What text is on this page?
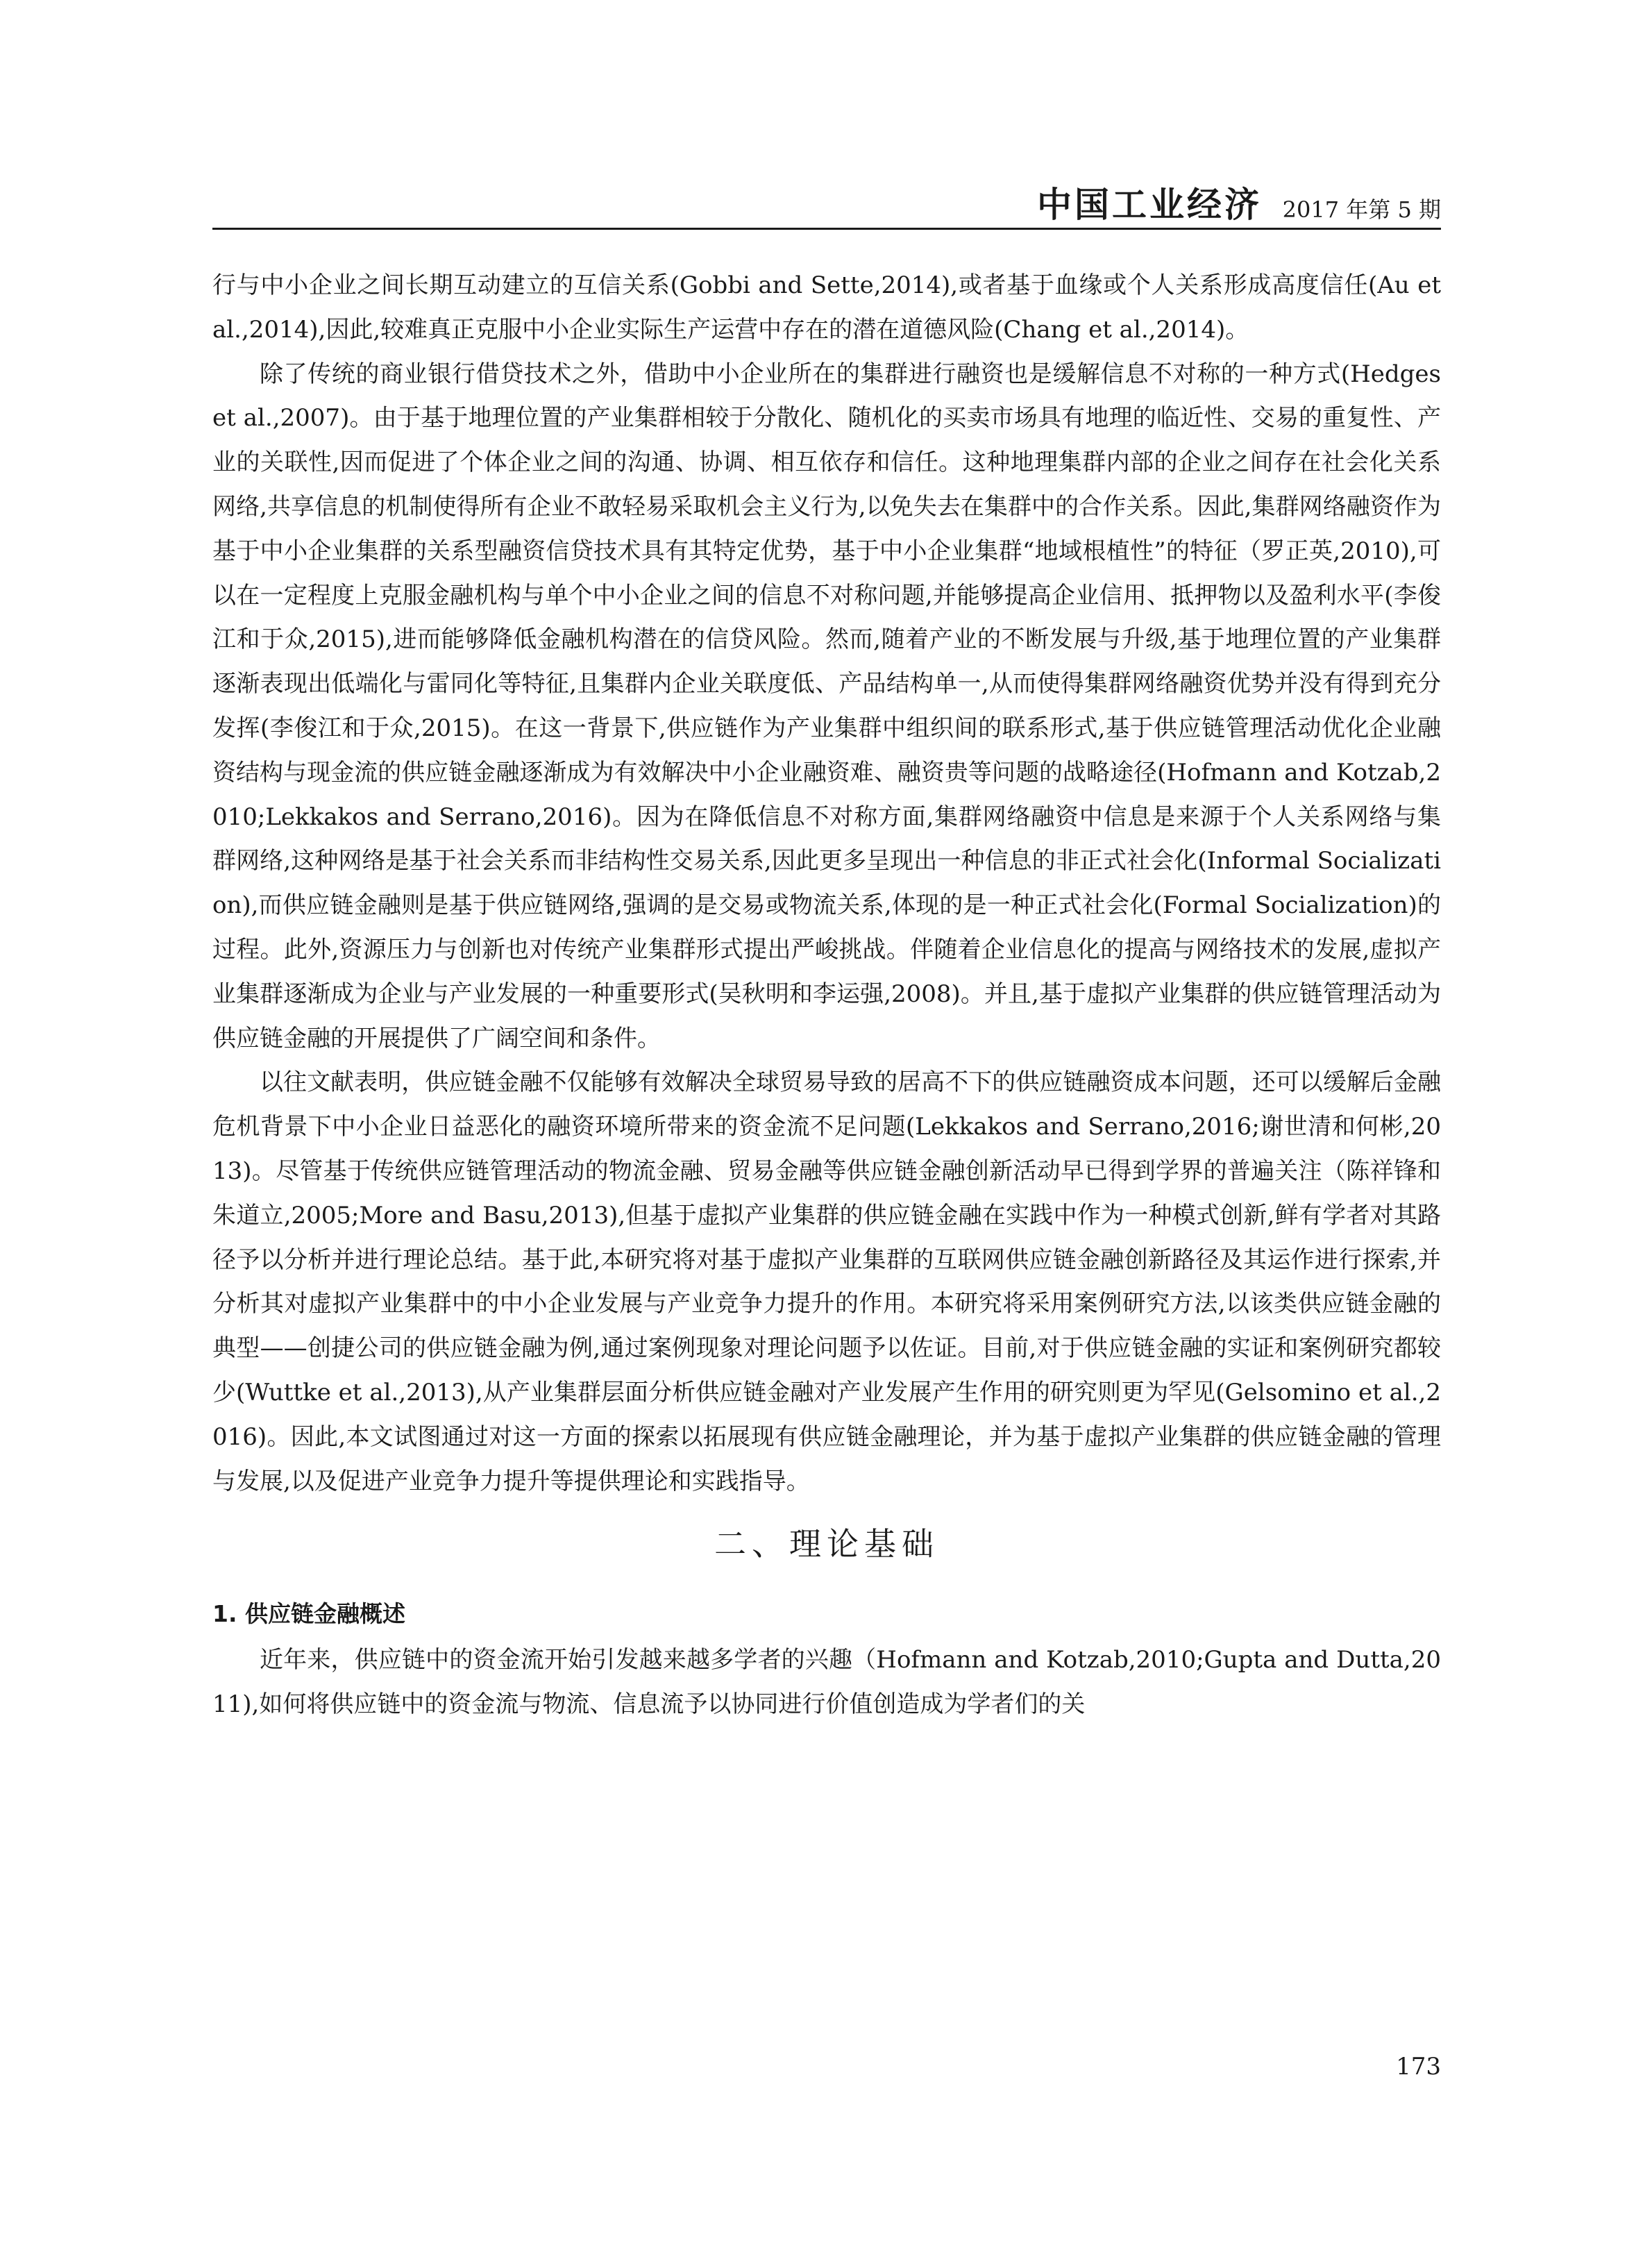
中国工业经济 2017 年第 5 期

行与中小企业之间长期互动建立的互信关系(Gobbi and Sette,2014),或者基于血缘或个人关系形成高度信任(Au et al.,2014),因此,较难真正克服中小企业实际生产运营中存在的潜在道德风险(Chang et al.,2014)。

除了传统的商业银行借贷技术之外，借助中小企业所在的集群进行融资也是缓解信息不对称的一种方式(Hedges et al.,2007)。由于基于地理位置的产业集群相较于分散化、随机化的买卖市场具有地理的临近性、交易的重复性、产业的关联性,因而促进了个体企业之间的沟通、协调、相互依存和信任。这种地理集群内部的企业之间存在社会化关系网络,共享信息的机制使得所有企业不敢轻易采取机会主义行为,以免失去在集群中的合作关系。因此,集群网络融资作为基于中小企业集群的关系型融资信贷技术具有其特定优势，基于中小企业集群“地域根植性”的特征（罗正英,2010),可以在一定程度上克服金融机构与单个中小企业之间的信息不对称问题,并能够提高企业信用、抵押物以及盈利水平(李俊江和于众,2015),进而能够降低金融机构潜在的信贷风险。然而,随着产业的不断发展与升级,基于地理位置的产业集群逐渐表现出低端化与雷同化等特征,且集群内企业关联度低、产品结构单一,从而使得集群网络融资优势并没有得到充分发挥(李俊江和于众,2015)。在这一背景下,供应链作为产业集群中组织间的联系形式,基于供应链管理活动优化企业融资结构与现金流的供应链金融逐渐成为有效解决中小企业融资难、融资贵等问题的战略途径(Hofmann and Kotzab,2010;Lekkakos and Serrano,2016)。因为在降低信息不对称方面,集群网络融资中信息是来源于个人关系网络与集群网络,这种网络是基于社会关系而非结构性交易关系,因此更多呈现出一种信息的非正式社会化(Informal Socialization),而供应链金融则是基于供应链网络,强调的是交易或物流关系,体现的是一种正式社会化(Formal Socialization)的过程。此外,资源压力与创新也对传统产业集群形式提出严峻挑战。伴随着企业信息化的提高与网络技术的发展,虚拟产业集群逐渐成为企业与产业发展的一种重要形式(吴秋明和李运强,2008)。并且,基于虚拟产业集群的供应链管理活动为供应链金融的开展提供了广阔空间和条件。

以往文献表明，供应链金融不仅能够有效解决全球贸易导致的居高不下的供应链融资成本问题，还可以缓解后金融危机背景下中小企业日益恶化的融资环境所带来的资金流不足问题(Lekkakos and Serrano,2016;谢世清和何彬,2013)。尽管基于传统供应链管理活动的物流金融、贸易金融等供应链金融创新活动早已得到学界的普遍关注（陈祥锋和朱道立,2005;More and Basu,2013),但基于虚拟产业集群的供应链金融在实践中作为一种模式创新,鲜有学者对其路径予以分析并进行理论总结。基于此,本研究将对基于虚拟产业集群的互联网供应链金融创新路径及其运作进行探索,并分析其对虚拟产业集群中的中小企业发展与产业竞争力提升的作用。本研究将采用案例研究方法,以该类供应链金融的典型——创捷公司的供应链金融为例,通过案例现象对理论问题予以佐证。目前,对于供应链金融的实证和案例研究都较少(Wuttke et al.,2013),从产业集群层面分析供应链金融对产业发展产生作用的研究则更为罕见(Gelsomino et al.,2016)。因此,本文试图通过对这一方面的探索以拓展现有供应链金融理论，并为基于虚拟产业集群的供应链金融的管理与发展,以及促进产业竞争力提升等提供理论和实践指导。

二、理论基础
1. 供应链金融概述

近年来，供应链中的资金流开始引发越来越多学者的兴趣（Hofmann and Kotzab,2010;Gupta and Dutta,2011),如何将供应链中的资金流与物流、信息流予以协同进行价值创造成为学者们的关

173
